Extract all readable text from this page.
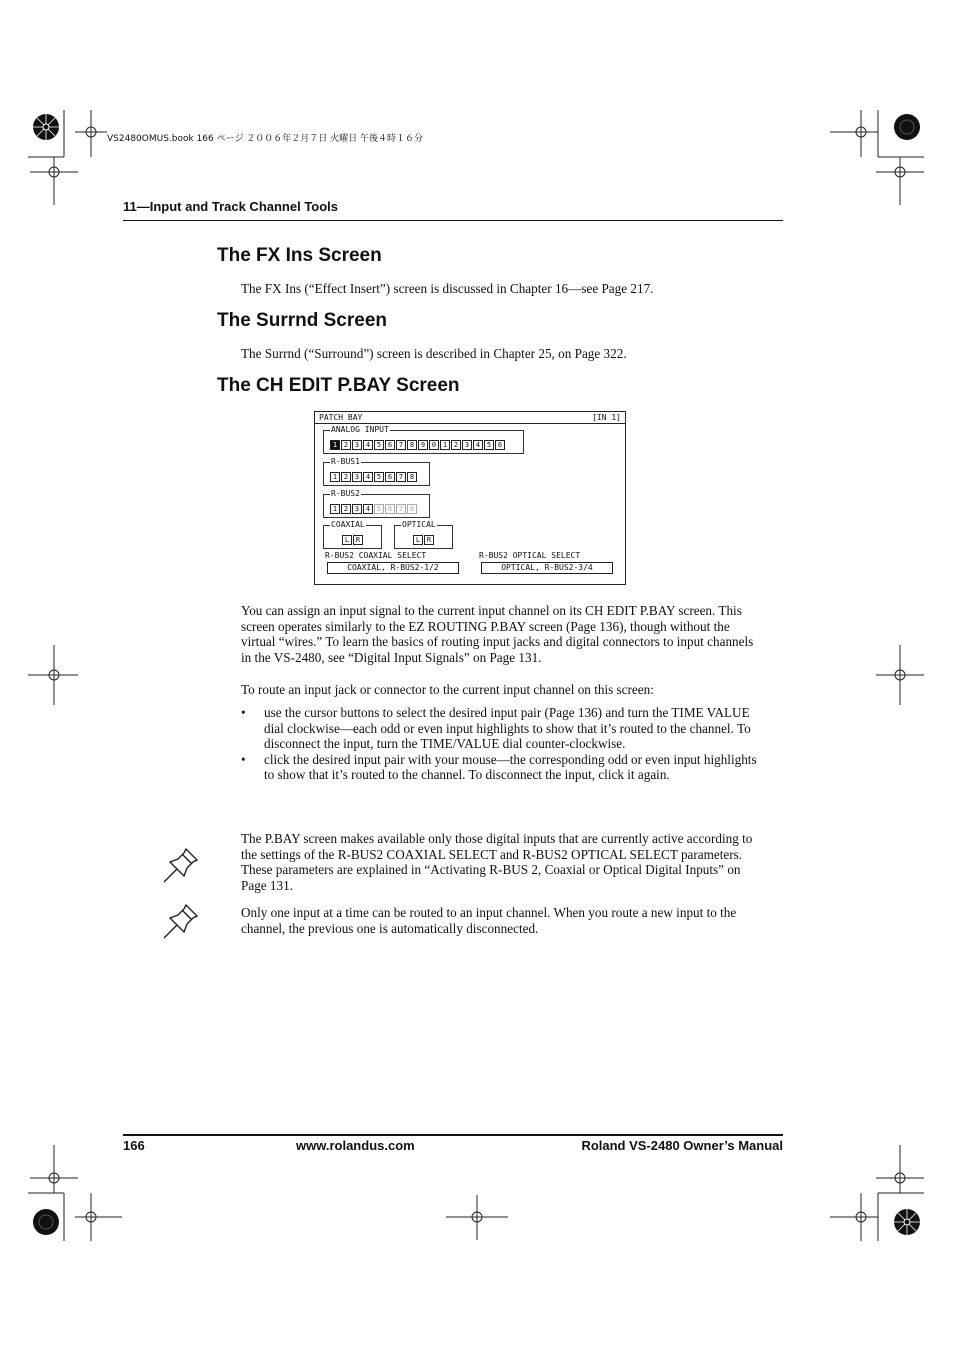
VS2480OMUS.book 166 ページ ２００６年２月７日 火曜日 午後４時１６分
11—Input and Track Channel Tools
The FX Ins Screen

The FX Ins (“Effect Insert”) screen is discussed in Chapter 16—see Page 217.

The Surrnd Screen

The Surrnd (“Surround”) screen is described in Chapter 25, on Page 322.

The CH EDIT P.BAY Screen
PATCH BAY	[IN 1]
ANALOG INPUT
1 2 3 4 5 6 7 8 9 0 1 2 3 4 5 6
R-BUS1
1 2 3 4 5 6 7 8
R-BUS2
1 2 3 4 5 6 7 8
COAXIAL
L R
OPTICAL
L R
R-BUS2 COAXIAL SELECT
COAXIAL, R-BUS2-1/2
R-BUS2 OPTICAL SELECT
OPTICAL, R-BUS2-3/4

You can assign an input signal to the current input channel on its CH EDIT P.BAY screen. This screen operates similarly to the EZ ROUTING P.BAY screen (Page 136), though without the virtual “wires.” To learn the basics of routing input jacks and digital connectors to input channels in the VS-2480, see “Digital Input Signals” on Page 131.

To route an input jack or connector to the current input channel on this screen:

• use the cursor buttons to select the desired input pair (Page 136) and turn the TIME VALUE dial clockwise—each odd or even input highlights to show that it’s routed to the channel. To disconnect the input, turn the TIME/VALUE dial counter-clockwise.
• click the desired input pair with your mouse—the corresponding odd or even input highlights to show that it’s routed to the channel. To disconnect the input, click it again.

The P.BAY screen makes available only those digital inputs that are currently active according to the settings of the R-BUS2 COAXIAL SELECT and R-BUS2 OPTICAL SELECT parameters. These parameters are explained in “Activating R-BUS 2, Coaxial or Optical Digital Inputs” on Page 131.

Only one input at a time can be routed to an input channel. When you route a new input to the channel, the previous one is automatically disconnected.

166	www.rolandus.com	Roland VS-2480 Owner’s Manual
